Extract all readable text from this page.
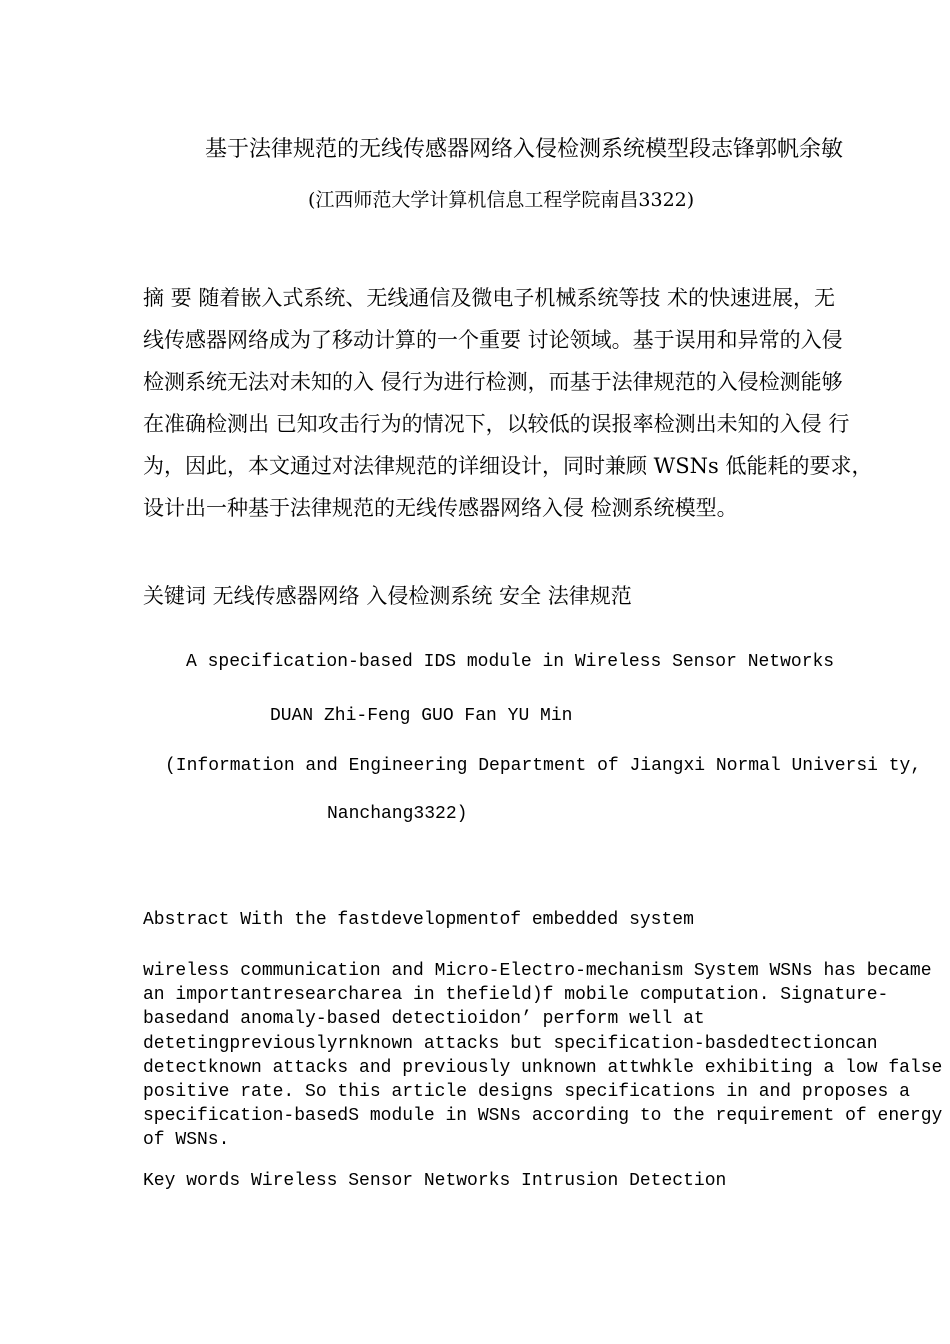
基于法律规范的无线传感器网络入侵检测系统模型段志锋郭帆余敏
(江西师范大学计算机信息工程学院南昌3322)
摘 要 随着嵌入式系统、无线通信及微电子机械系统等技 术的快速进展，无
线传感器网络成为了移动计算的一个重要 讨论领域。基于误用和异常的入侵
检测系统无法对未知的入 侵行为进行检测，而基于法律规范的入侵检测能够
在准确检测出 已知攻击行为的情况下，以较低的误报率检测出未知的入侵 行
为，因此，本文通过对法律规范的详细设计，同时兼顾 WSNs 低能耗的要求，
设计出一种基于法律规范的无线传感器网络入侵 检测系统模型。
关键词 无线传感器网络 入侵检测系统 安全 法律规范
A specification-based IDS module in Wireless Sensor Networks
DUAN Zhi-Feng GUO Fan YU Min
(Information and Engineering Department of Jiangxi Normal Universi ty,
Nanchang3322)
Abstract With the fastdevelopmentof embedded system
wireless communication and Micro-Electro-mechanism System WSNs has became
an importantresearcharea in thefield)f mobile computation. Signature-
basedand anomaly-based detectioidon’ perform well at
detetingpreviouslyrnknown attacks but specification-basdedtectioncan
detectknown attacks and previously unknown attwhkle exhibiting a low false
positive rate. So this article designs specifications in and proposes a
specification-basedS module in WSNs according to the requirement of energy
of WSNs.
Key words Wireless Sensor Networks Intrusion Detection
